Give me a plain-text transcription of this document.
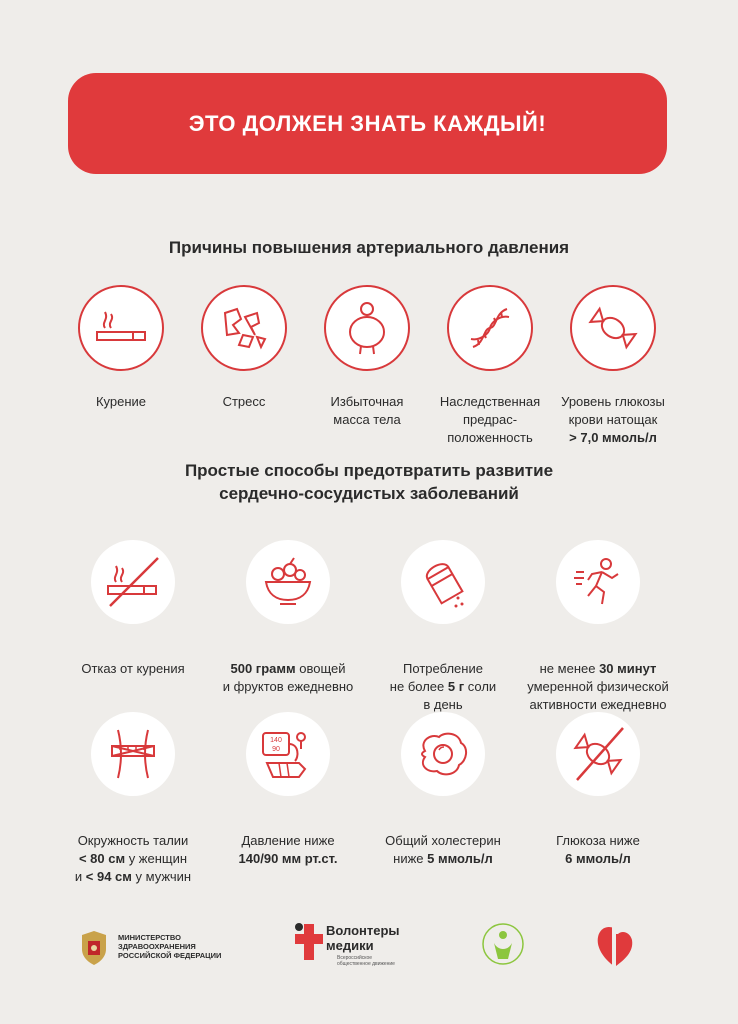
ЭТО ДОЛЖЕН ЗНАТЬ КАЖДЫЙ!
Причины повышения артериального давления
Курение	Стресс	Избыточная
масса тела
Наследственная
предрас-
положенность
Уровень глюкозы
крови натощак
> 7,0 ммоль/л
Простые способы предотвратить развитие
сердечно-сосудистых заболеваний
Отказ от курения	500 грамм овощей
и фруктов ежедневно
Потребление
не более 5 г соли
в день
не менее 30 минут
умеренной физической
активности ежедневно
Окружность талии
< 80 см у женщин
и < 94 см у мужчин
140
90
Давление ниже
140/90 мм рт.ст.
Общий холестерин
ниже 5 ммоль/л
Глюкоза ниже
6 ммоль/л
МИНИСТЕРСТВО
ЗДРАВООХРАНЕНИЯ
РОССИЙСКОЙ ФЕДЕРАЦИИ
Волонтеры
медики
Всероссийское
общественное движение
